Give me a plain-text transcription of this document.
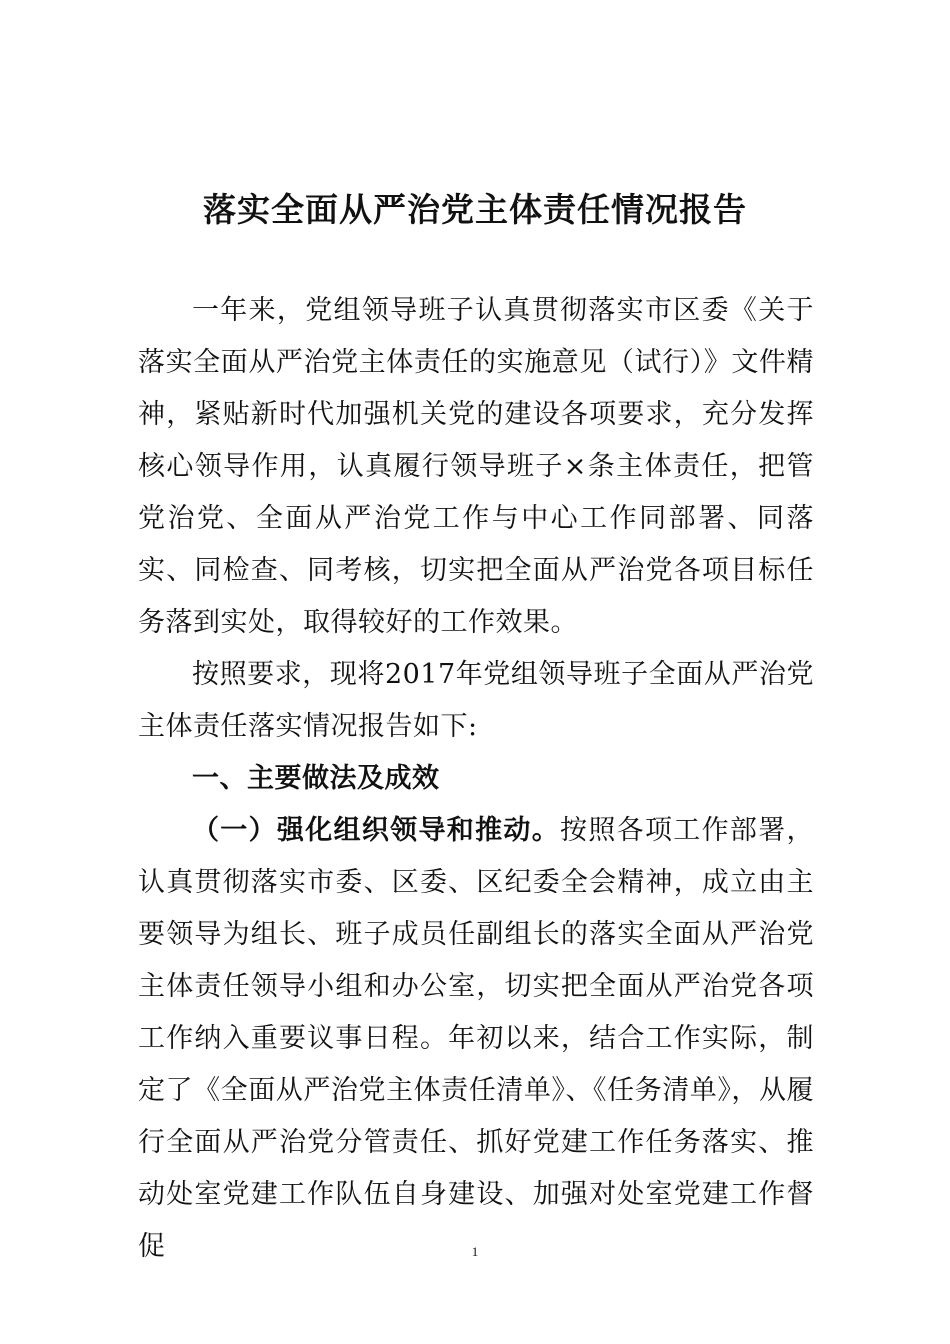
落实全面从严治党主体责任情况报告

一年来，党组领导班子认真贯彻落实市区委《关于落实全面从严治党主体责任的实施意见（试行）》文件精神，紧贴新时代加强机关党的建设各项要求，充分发挥核心领导作用，认真履行领导班子×条主体责任，把管党治党、全面从严治党工作与中心工作同部署、同落实、同检查、同考核，切实把全面从严治党各项目标任务落到实处，取得较好的工作效果。

按照要求，现将2017年党组领导班子全面从严治党主体责任落实情况报告如下:

一、主要做法及成效

（一）强化组织领导和推动。按照各项工作部署，认真贯彻落实市委、区委、区纪委全会精神，成立由主要领导为组长、班子成员任副组长的落实全面从严治党主体责任领导小组和办公室，切实把全面从严治党各项工作纳入重要议事日程。年初以来，结合工作实际，制定了《全面从严治党主体责任清单》、《任务清单》，从履行全面从严治党分管责任、抓好党建工作任务落实、推动处室党建工作队伍自身建设、加强对处室党建工作督促	1
